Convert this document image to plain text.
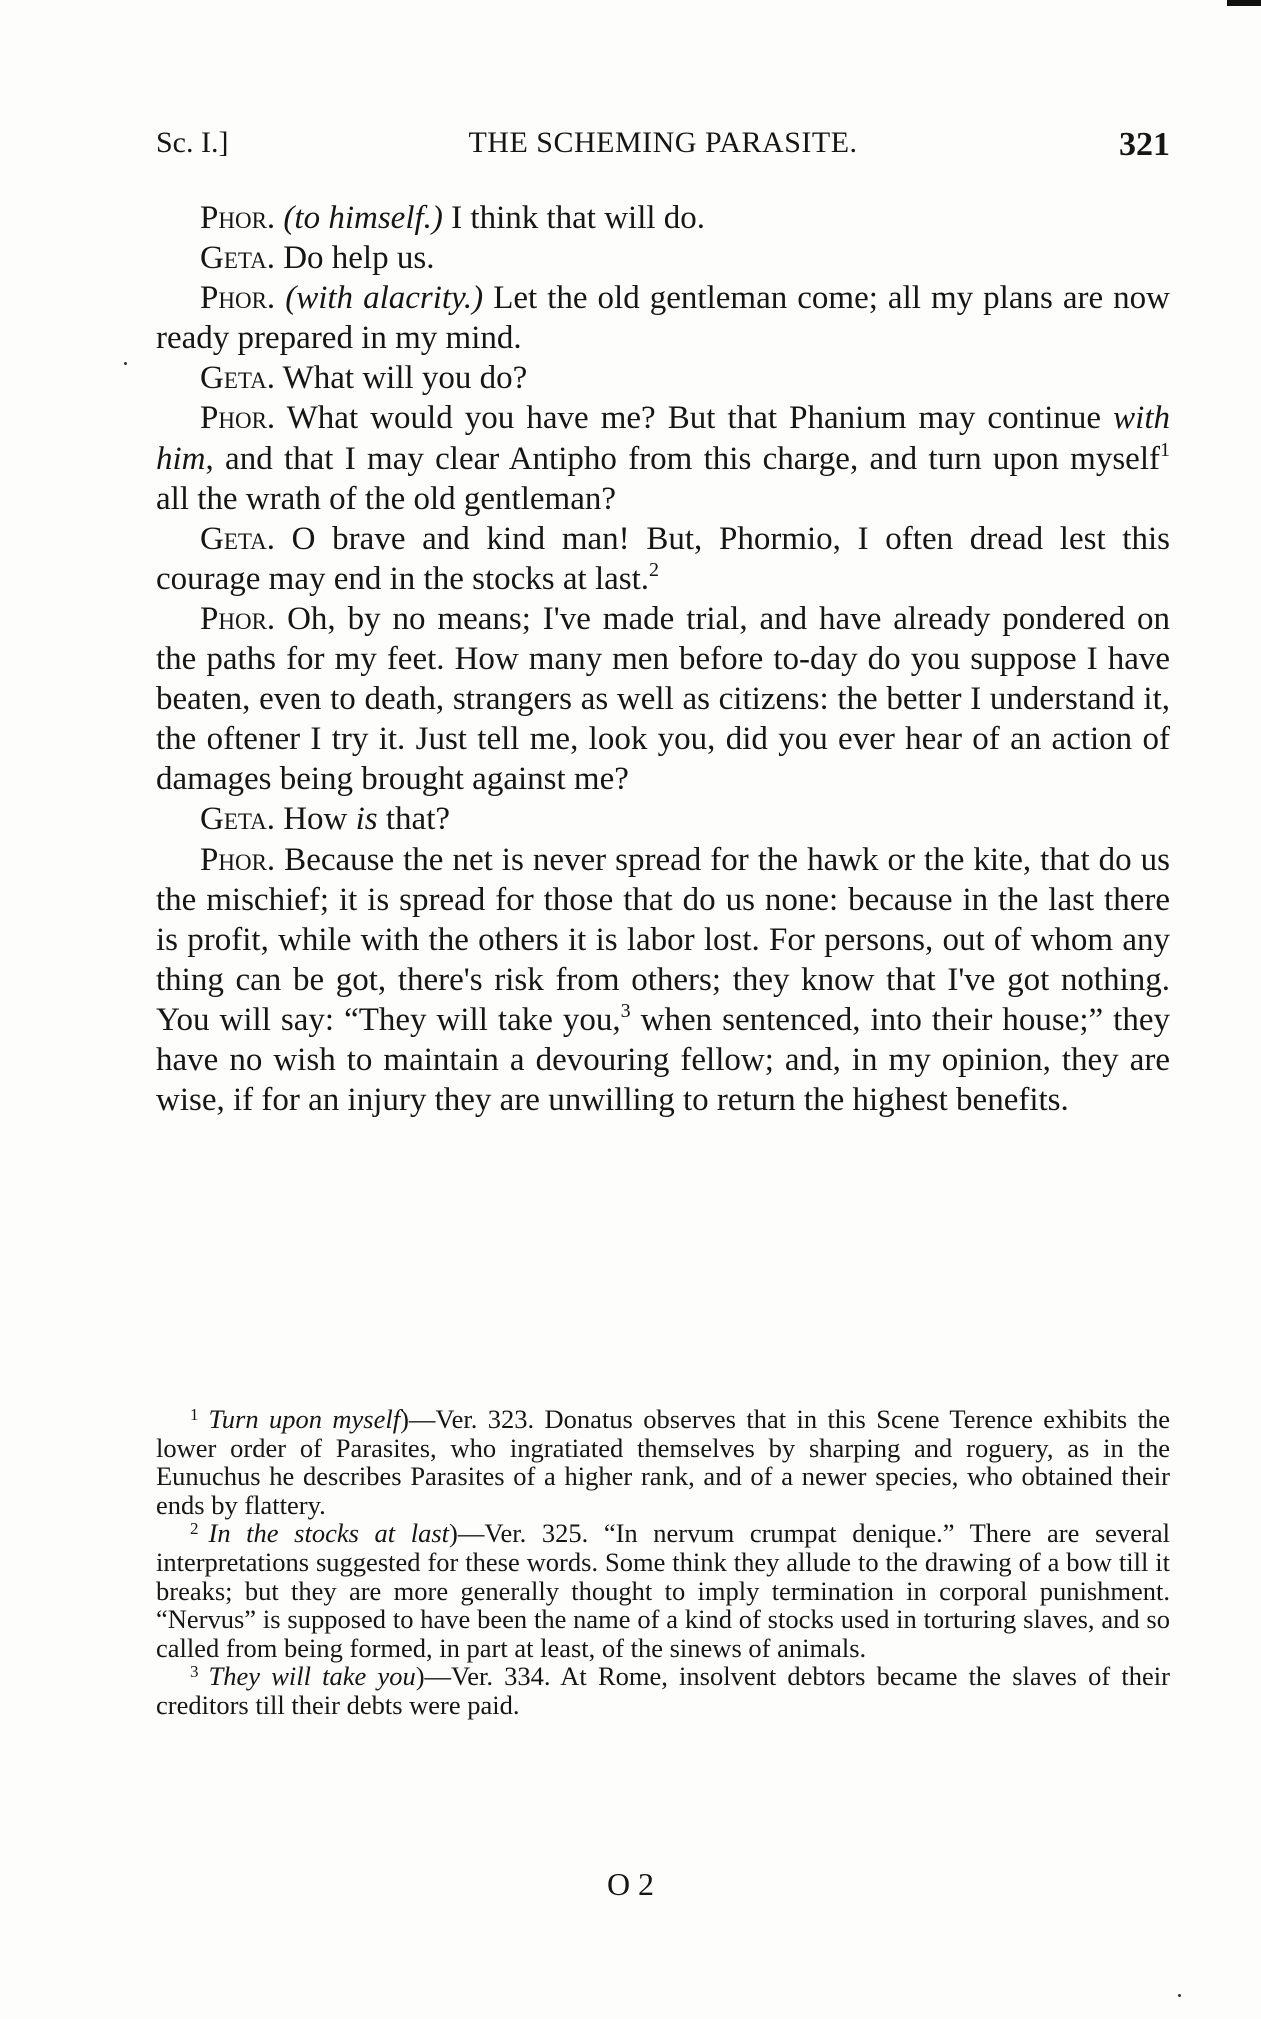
Sc. I.]	THE SCHEMING PARASITE.	321

Phor. (to himself.) I think that will do.

Geta. Do help us.

Phor. (with alacrity.) Let the old gentleman come; all my plans are now ready prepared in my mind.

Geta. What will you do?

Phor. What would you have me? But that Phanium may continue with him, and that I may clear Antipho from this charge, and turn upon myself$^1$ all the wrath of the old gentleman?

Geta. O brave and kind man! But, Phormio, I often dread lest this courage may end in the stocks at last.$^2$

Phor. Oh, by no means; I've made trial, and have already pondered on the paths for my feet. How many men before to-day do you suppose I have beaten, even to death, strangers as well as citizens: the better I understand it, the oftener I try it. Just tell me, look you, did you ever hear of an action of damages being brought against me?

Geta. How is that?

Phor. Because the net is never spread for the hawk or the kite, that do us the mischief; it is spread for those that do us none: because in the last there is profit, while with the others it is labor lost. For persons, out of whom any thing can be got, there's risk from others; they know that I've got nothing. You will say: “They will take you,$^3$ when sentenced, into their house;” they have no wish to maintain a devouring fellow; and, in my opinion, they are wise, if for an injury they are unwilling to return the highest benefits.

$^1$ Turn upon myself)—Ver. 323. Donatus observes that in this Scene Terence exhibits the lower order of Parasites, who ingratiated themselves by sharping and roguery, as in the Eunuchus he describes Parasites of a higher rank, and of a newer species, who obtained their ends by flattery.

$^2$ In the stocks at last)—Ver. 325. “In nervum crumpat denique.” There are several interpretations suggested for these words. Some think they allude to the drawing of a bow till it breaks; but they are more generally thought to imply termination in corporal punishment. “Nervus” is supposed to have been the name of a kind of stocks used in torturing slaves, and so called from being formed, in part at least, of the sinews of animals.

$^3$ They will take you)—Ver. 334. At Rome, insolvent debtors became the slaves of their creditors till their debts were paid.

O 2
